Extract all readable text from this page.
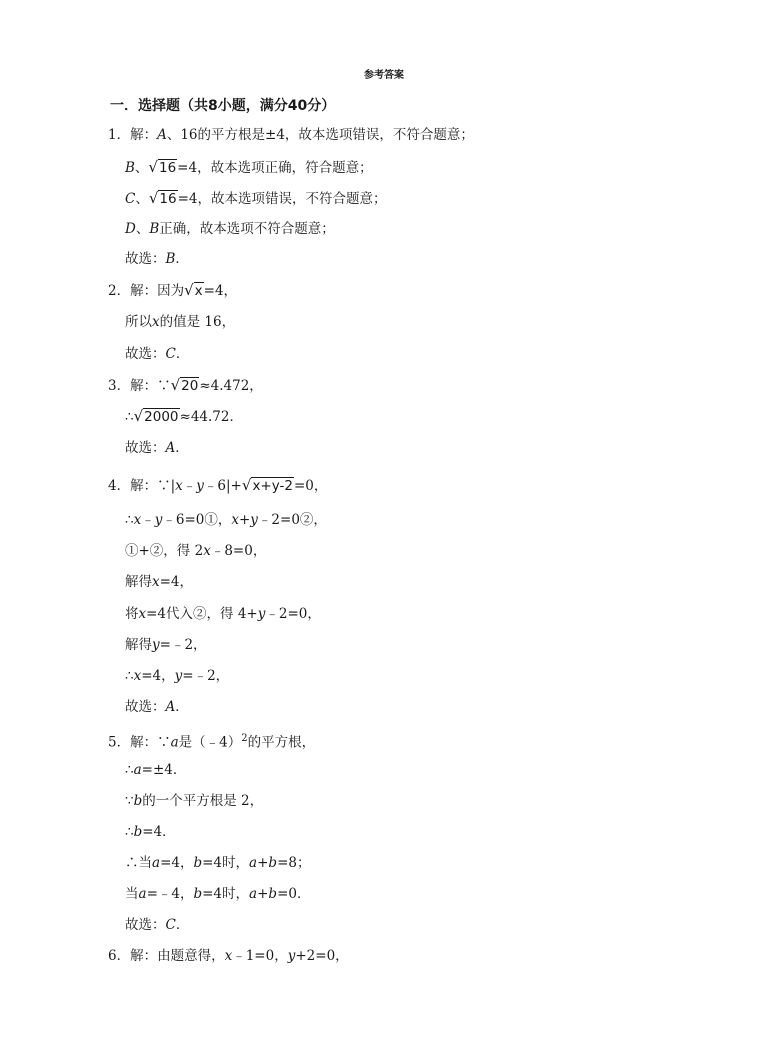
参考答案
一．选择题（共8小题，满分40分）
1．解：A、16的平方根是±4，故本选项错误，不符合题意；
B、√16=4，故本选项正确，符合题意；
C、√16=4，故本选项错误，不符合题意；
D、B正确，故本选项不符合题意；
故选：B．
2．解：因为√x=4，
所以x的值是 16，
故选：C．
3．解：∵√20≈4.472，
∴√2000≈44.72．
故选：A．
4．解：∵|x﹣y﹣6|+√x+y-2=0，
∴x﹣y﹣6=0①，x+y﹣2=0②，
①+②，得 2x﹣8=0，
解得x=4，
将x=4代入②，得 4+y﹣2=0，
解得y=﹣2，
∴x=4，y=﹣2，
故选：A．
5．解：∵a是（﹣4）$^2$的平方根，
∴a=±4．
∵b的一个平方根是 2，
∴b=4．
∴当a=4，b=4时，a+b=8；
当a=﹣4，b=4时，a+b=0．
故选：C．
6．解：由题意得，x﹣1=0，y+2=0，
